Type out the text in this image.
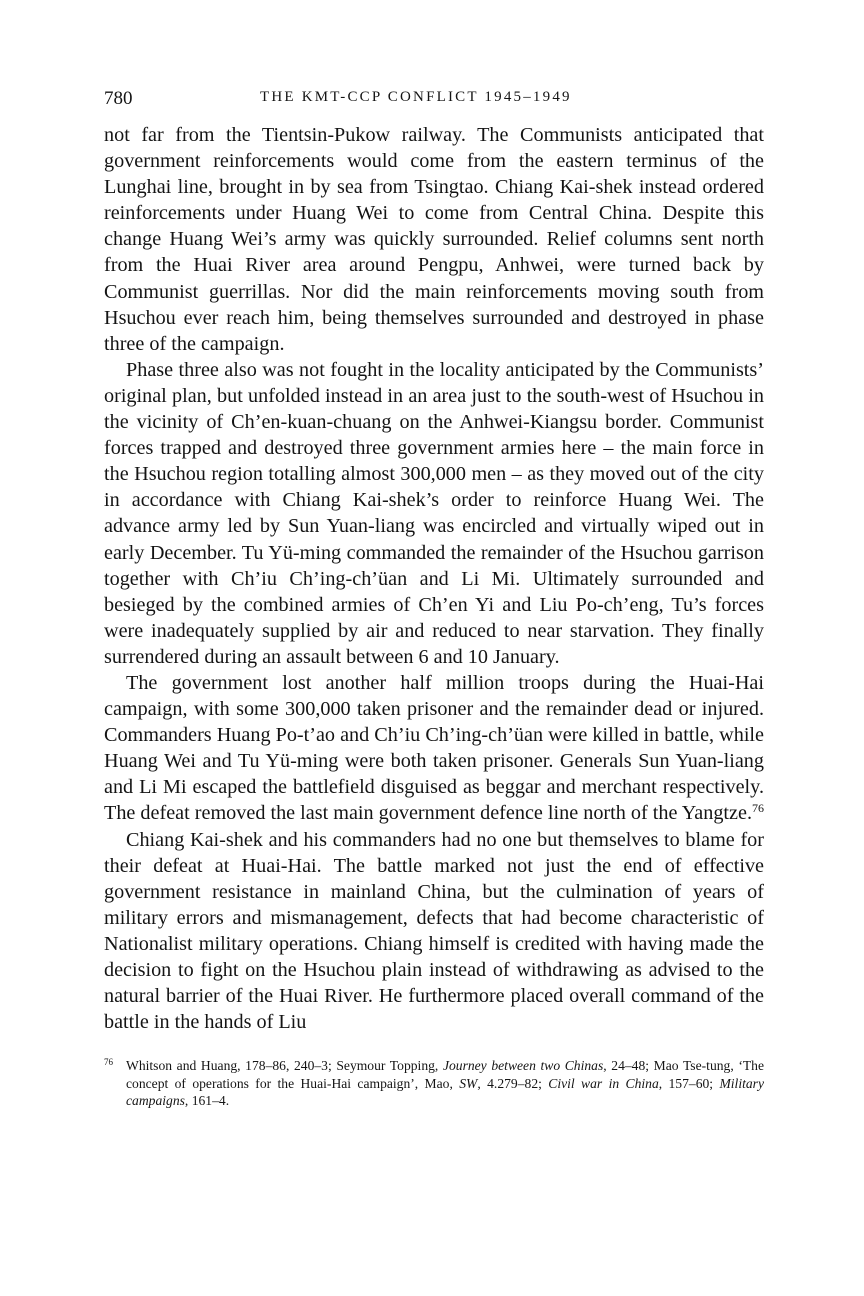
780	THE KMT-CCP CONFLICT 1945–1949

not far from the Tientsin-Pukow railway. The Communists anticipated that government reinforcements would come from the eastern terminus of the Lunghai line, brought in by sea from Tsingtao. Chiang Kai-shek instead ordered reinforcements under Huang Wei to come from Central China. Despite this change Huang Wei’s army was quickly surrounded. Relief columns sent north from the Huai River area around Pengpu, Anhwei, were turned back by Communist guerrillas. Nor did the main reinforcements moving south from Hsuchou ever reach him, being themselves surrounded and destroyed in phase three of the campaign.

Phase three also was not fought in the locality anticipated by the Communists’ original plan, but unfolded instead in an area just to the south-west of Hsuchou in the vicinity of Ch’en-kuan-chuang on the Anhwei-Kiangsu border. Communist forces trapped and destroyed three government armies here – the main force in the Hsuchou region totalling almost 300,000 men – as they moved out of the city in accordance with Chiang Kai-shek’s order to reinforce Huang Wei. The advance army led by Sun Yuan-liang was encircled and virtually wiped out in early December. Tu Yü-ming commanded the remainder of the Hsuchou garrison together with Ch’iu Ch’ing-ch’üan and Li Mi. Ultimately surrounded and besieged by the combined armies of Ch’en Yi and Liu Po-ch’eng, Tu’s forces were inadequately supplied by air and reduced to near starvation. They finally surrendered during an assault between 6 and 10 January.

The government lost another half million troops during the Huai-Hai campaign, with some 300,000 taken prisoner and the remainder dead or injured. Commanders Huang Po-t’ao and Ch’iu Ch’ing-ch’üan were killed in battle, while Huang Wei and Tu Yü-ming were both taken prisoner. Generals Sun Yuan-liang and Li Mi escaped the battlefield disguised as beggar and merchant respectively. The defeat removed the last main government defence line north of the Yangtze.$^{76}$

Chiang Kai-shek and his commanders had no one but themselves to blame for their defeat at Huai-Hai. The battle marked not just the end of effective government resistance in mainland China, but the culmination of years of military errors and mismanagement, defects that had become characteristic of Nationalist military operations. Chiang himself is credited with having made the decision to fight on the Hsuchou plain instead of withdrawing as advised to the natural barrier of the Huai River. He furthermore placed overall command of the battle in the hands of Liu

$^{76}$ Whitson and Huang, 178–86, 240–3; Seymour Topping, Journey between two Chinas, 24–48; Mao Tse-tung, ‘The concept of operations for the Huai-Hai campaign’, Mao, SW, 4.279–82; Civil war in China, 157–60; Military campaigns, 161–4.
